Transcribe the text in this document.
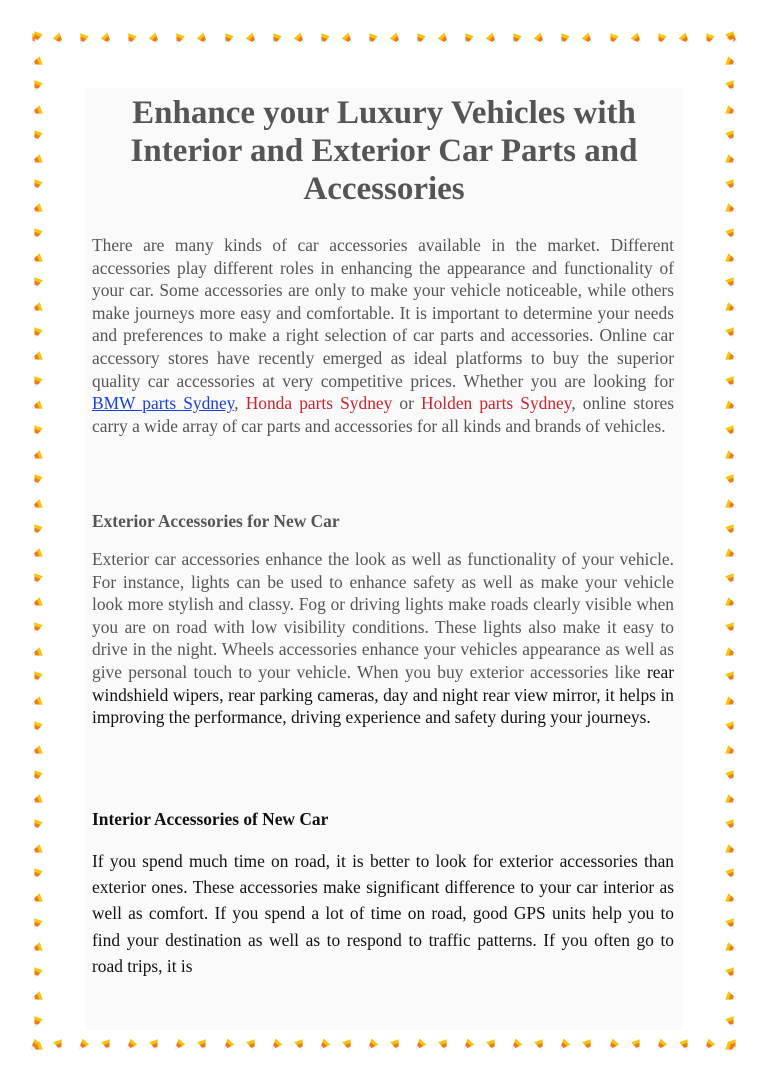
Enhance your Luxury Vehicles with Interior and Exterior Car Parts and Accessories

There are many kinds of car accessories available in the market. Different accessories play different roles in enhancing the appearance and functionality of your car. Some accessories are only to make your vehicle noticeable, while others make journeys more easy and comfortable. It is important to determine your needs and preferences to make a right selection of car parts and accessories. Online car accessory stores have recently emerged as ideal platforms to buy the superior quality car accessories at very competitive prices. Whether you are looking for BMW parts Sydney, Honda parts Sydney or Holden parts Sydney, online stores carry a wide array of car parts and accessories for all kinds and brands of vehicles.

Exterior Accessories for New Car

Exterior car accessories enhance the look as well as functionality of your vehicle. For instance, lights can be used to enhance safety as well as make your vehicle look more stylish and classy. Fog or driving lights make roads clearly visible when you are on road with low visibility conditions. These lights also make it easy to drive in the night. Wheels accessories enhance your vehicles appearance as well as give personal touch to your vehicle. When you buy exterior accessories like rear windshield wipers, rear parking cameras, day and night rear view mirror, it helps in improving the performance, driving experience and safety during your journeys.

Interior Accessories of New Car

If you spend much time on road, it is better to look for exterior accessories than exterior ones. These accessories make significant difference to your car interior as well as comfort. If you spend a lot of time on road, good GPS units help you to find your destination as well as to respond to traffic patterns. If you often go to road trips, it is
